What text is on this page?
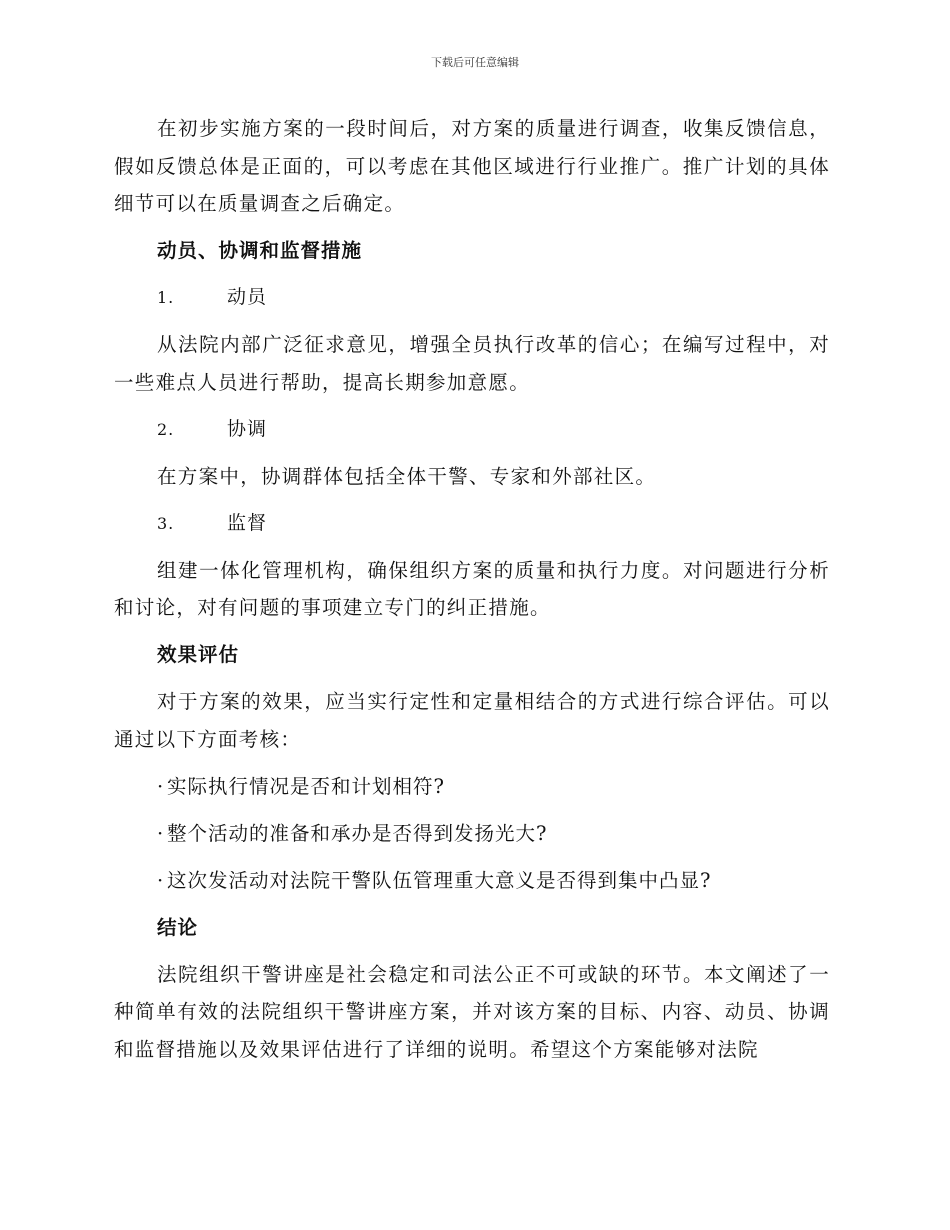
下载后可任意编辑

在初步实施方案的一段时间后，对方案的质量进行调查，收集反馈信息，假如反馈总体是正面的，可以考虑在其他区域进行行业推广。推广计划的具体细节可以在质量调查之后确定。

动员、协调和监督措施

1.	动员

从法院内部广泛征求意见，增强全员执行改革的信心；在编写过程中，对一些难点人员进行帮助，提高长期参加意愿。

2.	协调

在方案中，协调群体包括全体干警、专家和外部社区。

3.	监督

组建一体化管理机构，确保组织方案的质量和执行力度。对问题进行分析和讨论，对有问题的事项建立专门的纠正措施。

效果评估

对于方案的效果，应当实行定性和定量相结合的方式进行综合评估。可以通过以下方面考核：

· 实际执行情况是否和计划相符?

· 整个活动的准备和承办是否得到发扬光大?

· 这次发活动对法院干警队伍管理重大意义是否得到集中凸显?

结论

法院组织干警讲座是社会稳定和司法公正不可或缺的环节。本文阐述了一种简单有效的法院组织干警讲座方案，并对该方案的目标、内容、动员、协调和监督措施以及效果评估进行了详细的说明。希望这个方案能够对法院
